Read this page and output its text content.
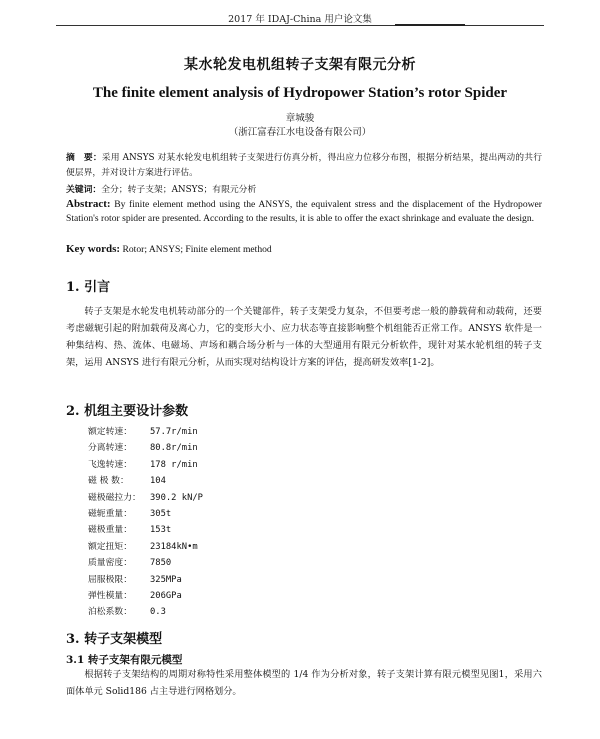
2017 年 IDAJ-China 用户论文集
某水轮发电机组转子支架有限元分析
The finite element analysis of Hydropower Station’s rotor Spider
章城骏
（浙江富春江水电设备有限公司）
摘　要：采用 ANSYS 对某水轮发电机组转子支架进行仿真分析，得出应力位移分布图，根据分析结果，提出两动的共行便层界，并对设计方案进行评估。
关键词：全分；转子支架；ANSYS；有限元分析
Abstract: By finite element method using the ANSYS, the equivalent stress and the displacement of the Hydropower Station's rotor spider are presented. According to the results, it is able to offer the exact shrinkage and evaluate the design.
Key words: Rotor; ANSYS; Finite element method
1. 引言
转子支架是水轮发电机转动部分的一个关键部件，转子支架受力复杂，不但要考虑一般的静载荷和动载荷，还要考虑磁轭引起的附加载荷及离心力，它的变形大小、应力状态等直接影响整个机组能否正常工作。ANSYS 软件是一种集结构、热、流体、电磁场、声场和耦合场分析与一体的大型通用有限元分析软件，现针对某水轮机组的转子支架，运用 ANSYS 进行有限元分析，从而实现对结构设计方案的评估，提高研发效率[1-2]。
2. 机组主要设计参数
额定转速： 57.7r/min
分离转速： 80.8r/min
飞逸转速： 178 r/min
磁 极 数： 104
磁极磁拉力： 390.2 kN/P
磁轭重量： 305t
磁极重量： 153t
额定扭矩： 23184kN•m
质量密度： 7850
屈服极限： 325MPa
弹性模量： 206GPa
泊松系数： 0.3
3. 转子支架模型
3.1 转子支架有限元模型
根据转子支架结构的周期对称特性采用整体模型的 1/4 作为分析对象，转子支架计算有限元模型见图1，采用六面体单元 Solid186 占主导进行网格划分。
